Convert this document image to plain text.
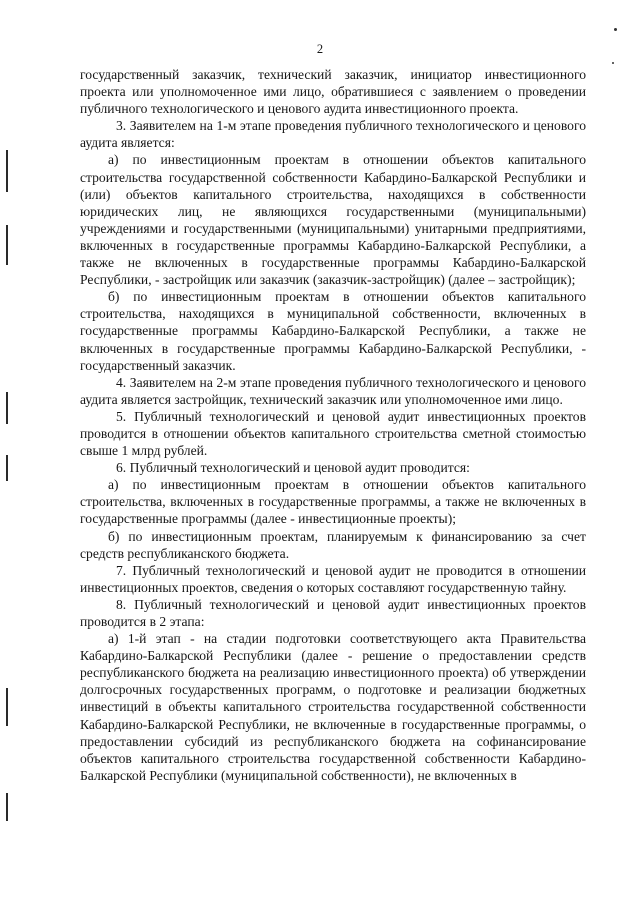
2

государственный заказчик, технический заказчик, инициатор инвестиционного проекта или уполномоченное ими лицо, обратившиеся с заявлением о проведении публичного технологического и ценового аудита инвестиционного проекта.

3. Заявителем на 1-м этапе проведения публичного технологического и ценового аудита является:

а) по инвестиционным проектам в отношении объектов капитального строительства государственной собственности Кабардино-Балкарской Республики и (или) объектов капитального строительства, находящихся в собственности юридических лиц, не являющихся государственными (муниципальными) учреждениями и государственными (муниципальными) унитарными предприятиями, включенных в государственные программы Кабардино-Балкарской Республики, а также не включенных в государственные программы Кабардино-Балкарской Республики, - застройщик или заказчик (заказчик-застройщик) (далее – застройщик);

б) по инвестиционным проектам в отношении объектов капитального строительства, находящихся в муниципальной собственности, включенных в государственные программы Кабардино-Балкарской Республики, а также не включенных в государственные программы Кабардино-Балкарской Республики, - государственный заказчик.

4. Заявителем на 2-м этапе проведения публичного технологического и ценового аудита является застройщик, технический заказчик или уполномоченное ими лицо.

5. Публичный технологический и ценовой аудит инвестиционных проектов проводится в отношении объектов капитального строительства сметной стоимостью свыше 1 млрд рублей.

6. Публичный технологический и ценовой аудит проводится:

а) по инвестиционным проектам в отношении объектов капитального строительства, включенных в государственные программы, а также не включенных в государственные программы (далее - инвестиционные проекты);

б) по инвестиционным проектам, планируемым к финансированию за счет средств республиканского бюджета.

7. Публичный технологический и ценовой аудит не проводится в отношении инвестиционных проектов, сведения о которых составляют государственную тайну.

8. Публичный технологический и ценовой аудит инвестиционных проектов проводится в 2 этапа:

а) 1-й этап - на стадии подготовки соответствующего акта Правительства Кабардино-Балкарской Республики (далее - решение о предоставлении средств республиканского бюджета на реализацию инвестиционного проекта) об утверждении долгосрочных государственных программ, о подготовке и реализации бюджетных инвестиций в объекты капитального строительства государственной собственности Кабардино-Балкарской Республики, не включенные в государственные программы, о предоставлении субсидий из республиканского бюджета на софинансирование объектов капитального строительства государственной собственности Кабардино-Балкарской Республики (муниципальной собственности), не включенных в
